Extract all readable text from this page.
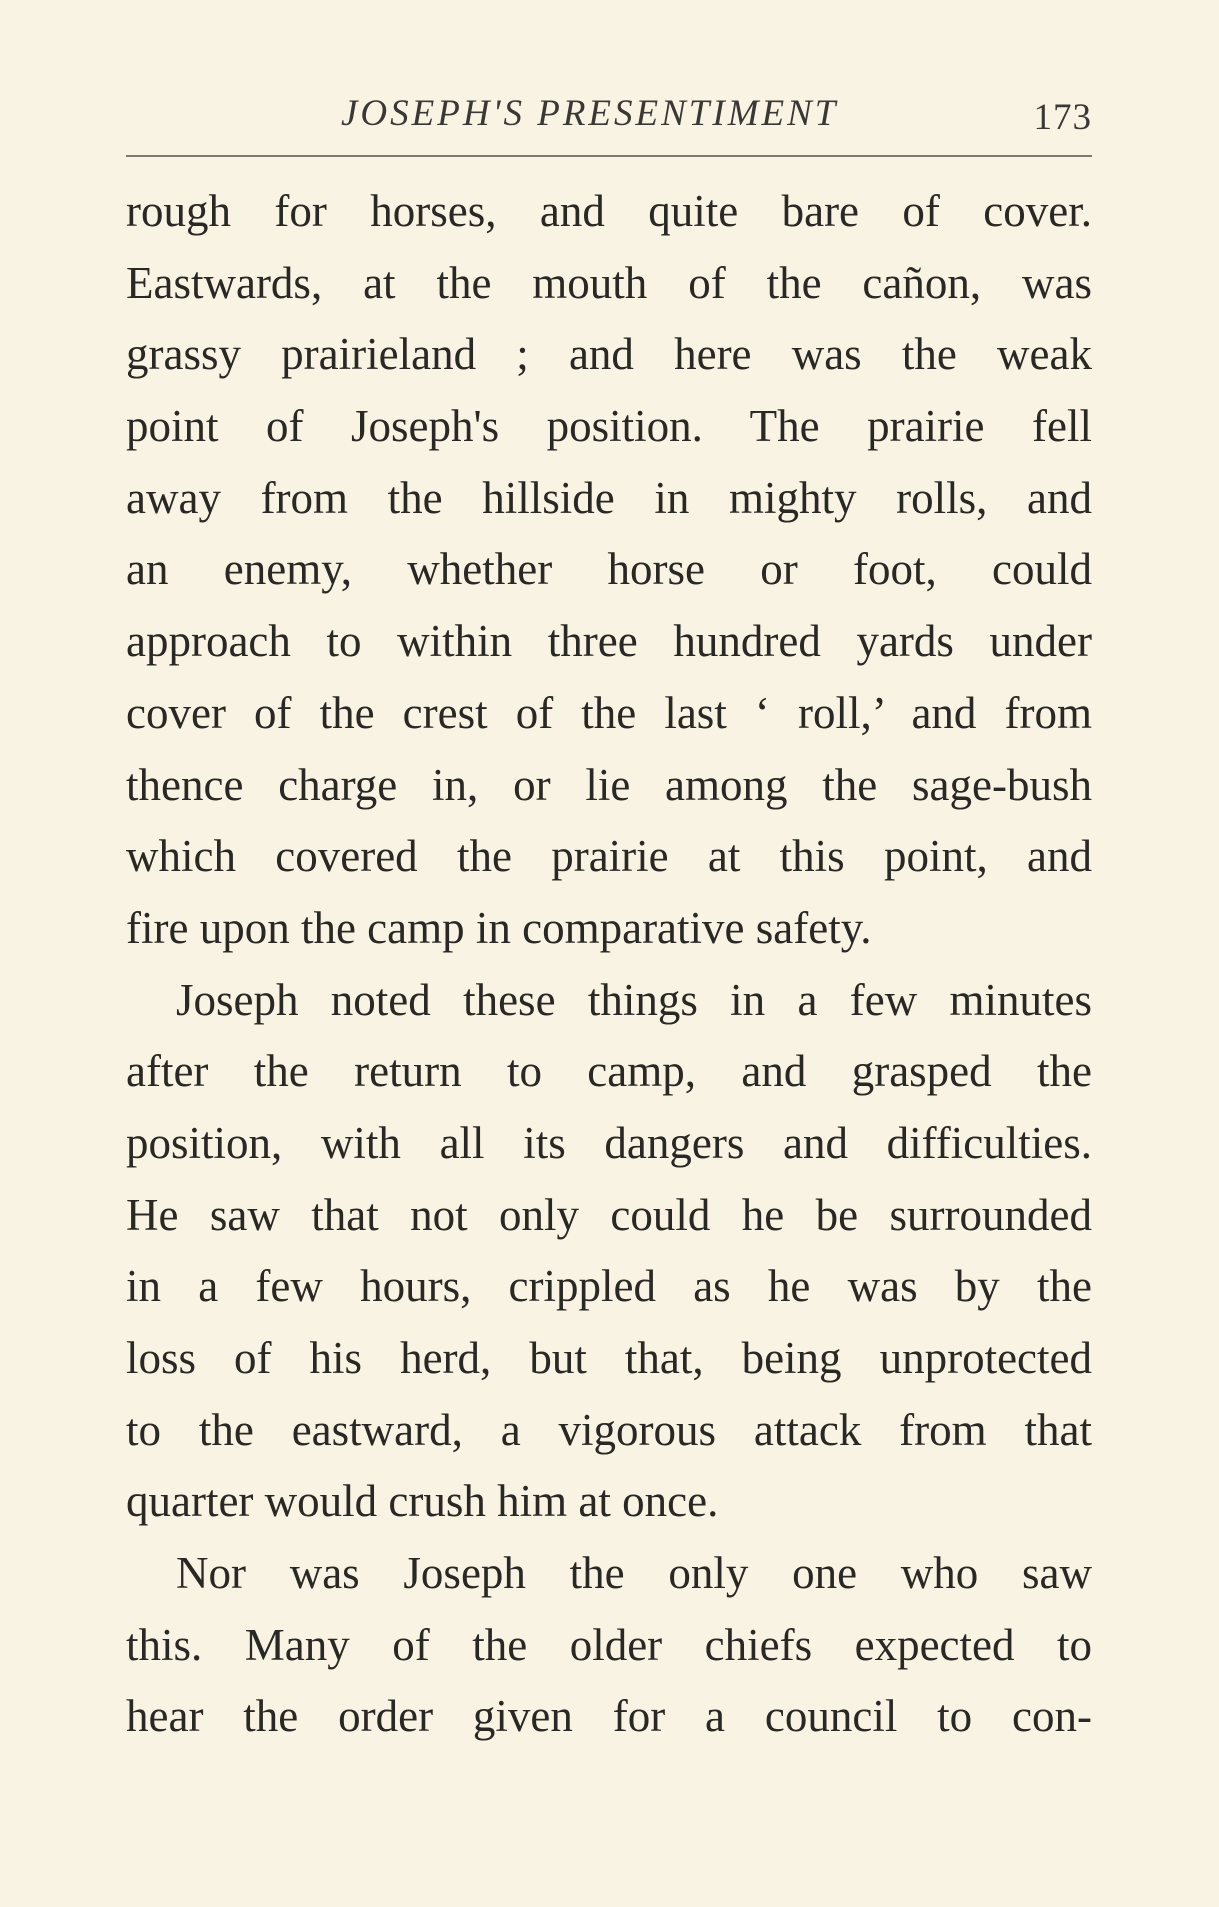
JOSEPH'S PRESENTIMENT	173
rough for horses, and quite bare of cover.
Eastwards, at the mouth of the cañon, was
grassy prairieland ; and here was the weak
point of Joseph's position. The prairie fell
away from the hillside in mighty rolls, and
an enemy, whether horse or foot, could
approach to within three hundred yards under
cover of the crest of the last ‘ roll,’ and from
thence charge in, or lie among the sage-bush
which covered the prairie at this point, and
fire upon the camp in comparative safety.
Joseph noted these things in a few minutes
after the return to camp, and grasped the
position, with all its dangers and difficulties.
He saw that not only could he be surrounded
in a few hours, crippled as he was by the
loss of his herd, but that, being unprotected
to the eastward, a vigorous attack from that
quarter would crush him at once.
Nor was Joseph the only one who saw
this. Many of the older chiefs expected to
hear the order given for a council to con-
